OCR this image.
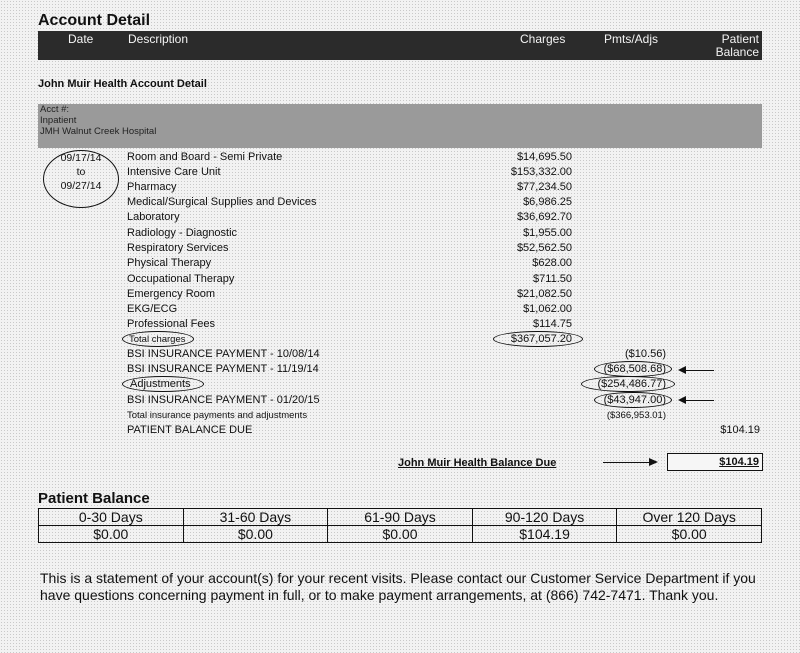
Account Detail
Date	Description	Charges	Pmts/Adjs	Patient
Balance
John Muir Health Account Detail
Acct #:
Inpatient
JMH Walnut Creek Hospital
09/17/14
to
09/27/14
Room and Board - Semi Private	$14,695.50
Intensive Care Unit	$153,332.00
Pharmacy	$77,234.50
Medical/Surgical Supplies and Devices	$6,986.25
Laboratory	$36,692.70
Radiology - Diagnostic	$1,955.00
Respiratory Services	$52,562.50
Physical Therapy	$628.00
Occupational Therapy	$711.50
Emergency Room	$21,082.50
EKG/ECG	$1,062.00
Professional Fees	$114.75
Total charges	$367,057.20
BSI INSURANCE PAYMENT - 10/08/14	($10.56)
BSI INSURANCE PAYMENT - 11/19/14	($68,508.68)
Adjustments	($254,486.77)
BSI INSURANCE PAYMENT - 01/20/15	($43,947.00)
Total insurance payments and adjustments	($366,953.01)
PATIENT BALANCE DUE	$104.19
John Muir Health Balance Due	$104.19
Patient Balance
0-30 Days	31-60 Days	61-90 Days	90-120 Days	Over 120 Days
$0.00	$0.00	$0.00	$104.19	$0.00
This is a statement of your account(s) for your recent visits. Please contact our Customer Service Department if you have questions concerning payment in full, or to make payment arrangements, at (866) 742-7471. Thank you.
